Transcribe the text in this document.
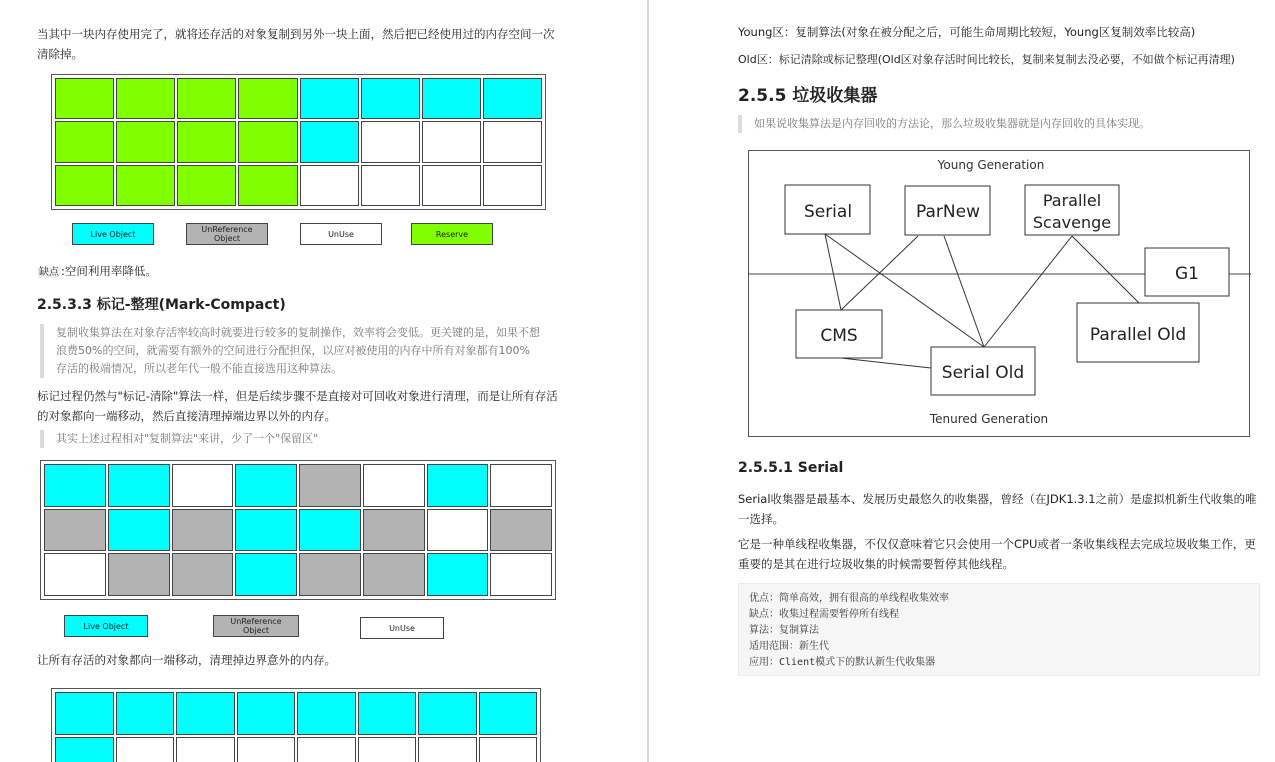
当其中一块内存使用完了，就将还存活的对象复制到另外一块上面，然后把已经使用过的内存空间一次清除掉。
Live Object	UnReference Object	UnUse	Reserve
缺点 :空间利用率降低。
2.5.3.3 标记-整理(Mark-Compact)
复制收集算法在对象存活率较高时就要进行较多的复制操作，效率将会变低。更关键的是，如果不想浪费50%的空间，就需要有额外的空间进行分配担保，以应对被使用的内存中所有对象都有100%存活的极端情况，所以老年代一般不能直接选用这种算法。
标记过程仍然与"标记-清除"算法一样，但是后续步骤不是直接对可回收对象进行清理，而是让所有存活的对象都向一端移动，然后直接清理掉端边界以外的内存。
其实上述过程相对"复制算法"来讲，少了一个"保留区"
Live Object	UnReference Object	UnUse
让所有存活的对象都向一端移动，清理掉边界意外的内存。
Young区：复制算法(对象在被分配之后，可能生命周期比较短，Young区复制效率比较高)
Old区：标记清除或标记整理(Old区对象存活时间比较长，复制来复制去没必要，不如做个标记再清理)
2.5.5 垃圾收集器
如果说收集算法是内存回收的方法论，那么垃圾收集器就是内存回收的具体实现。
Young Generation
Tenured Generation
Serial	ParNew
Parallel
Scavenge
G1
CMS
Serial Old
Parallel Old
2.5.5.1 Serial
Serial收集器是最基本、发展历史最悠久的收集器，曾经（在JDK1.3.1之前）是虚拟机新生代收集的唯一选择。
它是一种单线程收集器，不仅仅意味着它只会使用一个CPU或者一条收集线程去完成垃圾收集工作，更重要的是其在进行垃圾收集的时候需要暂停其他线程。
优点：简单高效，拥有很高的单线程收集效率
缺点：收集过程需要暂停所有线程
算法：复制算法
适用范围：新生代
应用：Client模式下的默认新生代收集器
